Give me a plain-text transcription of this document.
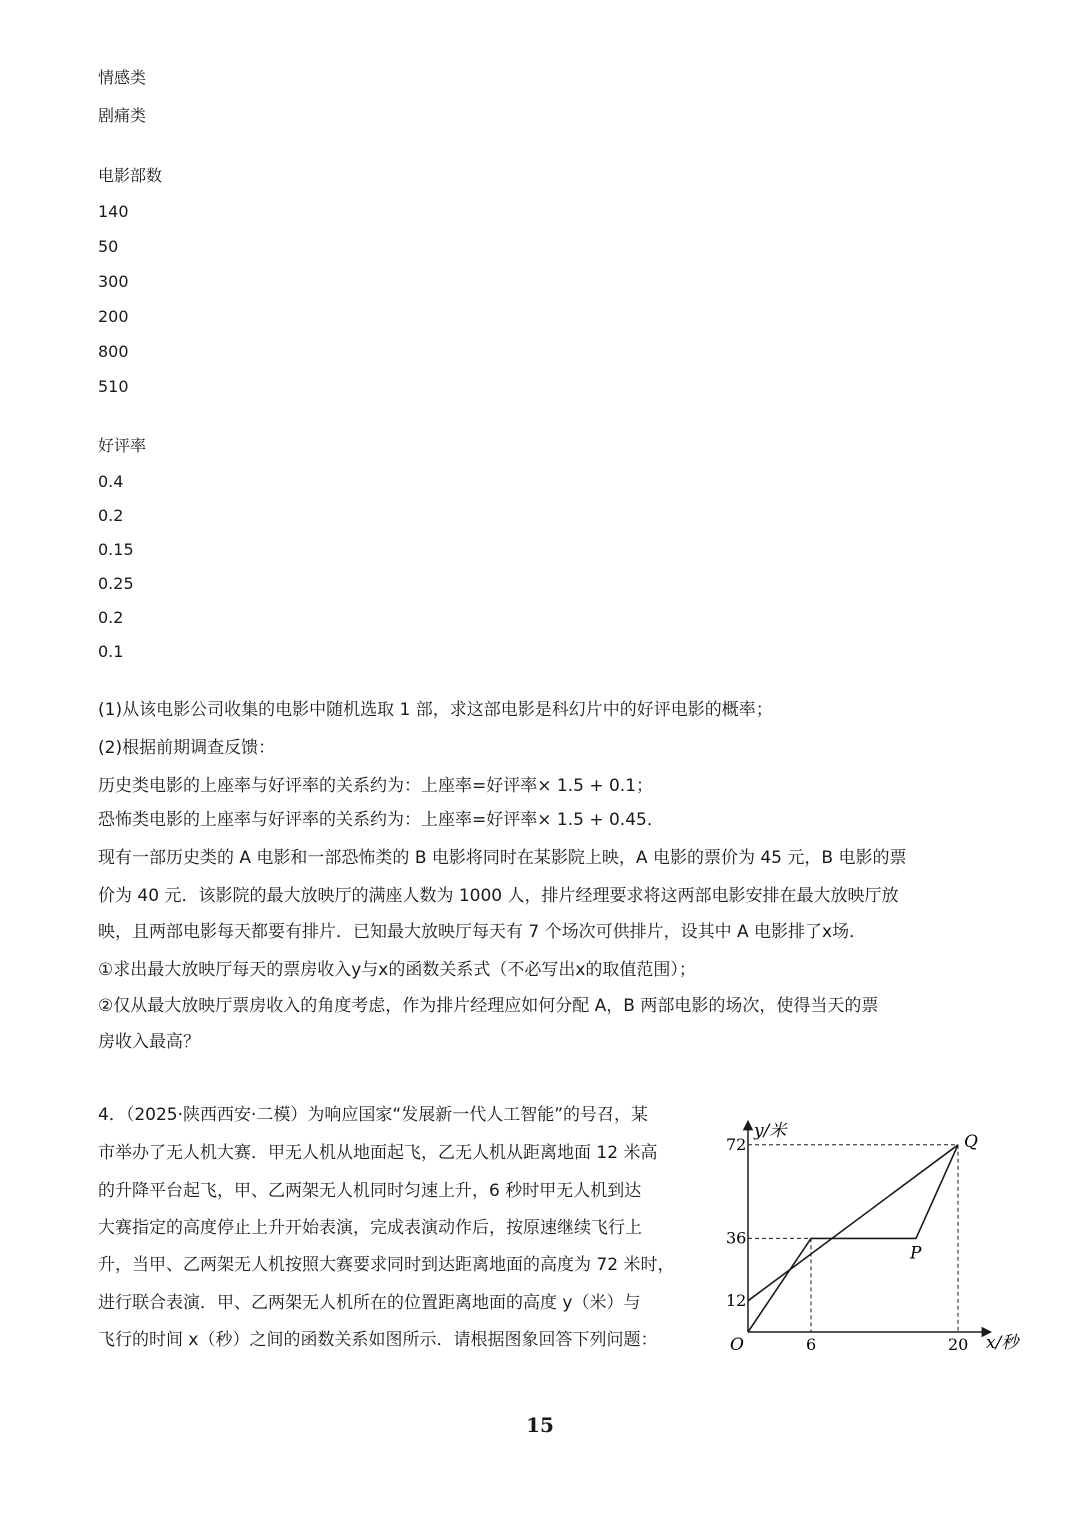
情感类
剧痛类
电影部数
140
50
300
200
800
510
好评率
0.4
0.2
0.15
0.25
0.2
0.1
(1)从该电影公司收集的电影中随机选取 1 部，求这部电影是科幻片中的好评电影的概率；
(2)根据前期调查反馈：
历史类电影的上座率与好评率的关系约为：上座率=好评率× 1.5 + 0.1；
恐怖类电影的上座率与好评率的关系约为：上座率=好评率× 1.5 + 0.45．
现有一部历史类的 A 电影和一部恐怖类的 B 电影将同时在某影院上映，A 电影的票价为 45 元，B 电影的票
价为 40 元．该影院的最大放映厅的满座人数为 1000 人，排片经理要求将这两部电影安排在最大放映厅放
映，且两部电影每天都要有排片．已知最大放映厅每天有 7 个场次可供排片，设其中 A 电影排了x场．
①求出最大放映厅每天的票房收入y与x的函数关系式（不必写出x的取值范围）；
②仅从最大放映厅票房收入的角度考虑，作为排片经理应如何分配 A，B 两部电影的场次，使得当天的票
房收入最高？
4．（2025·陕西西安·二模）为响应国家“发展新一代人工智能”的号召，某
市举办了无人机大赛．甲无人机从地面起飞，乙无人机从距离地面 12 米高
的升降平台起飞，甲、乙两架无人机同时匀速上升，6 秒时甲无人机到达
大赛指定的高度停止上升开始表演，完成表演动作后，按原速继续飞行上
升，当甲、乙两架无人机按照大赛要求同时到达距离地面的高度为 72 米时，
进行联合表演．甲、乙两架无人机所在的位置距离地面的高度 y（米）与
飞行的时间 x（秒）之间的函数关系如图所示．请根据图象回答下列问题：	6	20
12
36
72
P
Q
y/米
x/秒
O
15
